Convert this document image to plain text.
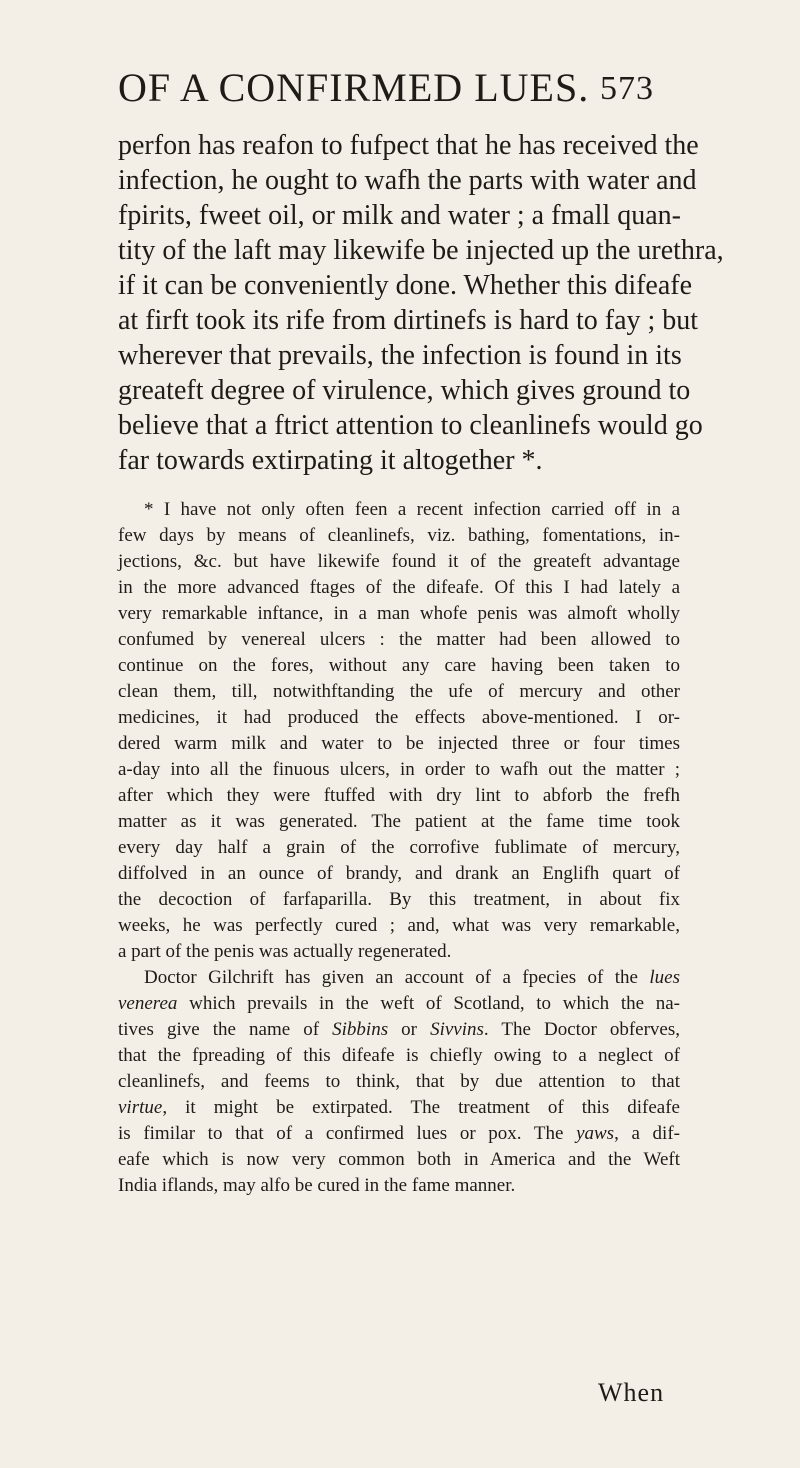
OF A CONFIRMED LUES. 573
perfon has reafon to fufpect that he has received the
infection, he ought to wafh the parts with water and
fpirits, fweet oil, or milk and water ; a fmall quan-
tity of the laft may likewife be injected up the urethra,
if it can be conveniently done. Whether this difeafe
at firft took its rife from dirtinefs is hard to fay ; but
wherever that prevails, the infection is found in its
greateft degree of virulence, which gives ground to
believe that a ftrict attention to cleanlinefs would go
far towards extirpating it altogether *.
* I have not only often feen a recent infection carried off in a
few days by means of cleanlinefs, viz. bathing, fomentations, in-
jections, &c. but have likewife found it of the greateft advantage
in the more advanced ftages of the difeafe. Of this I had lately a
very remarkable inftance, in a man whofe penis was almoft wholly
confumed by venereal ulcers : the matter had been allowed to
continue on the fores, without any care having been taken to
clean them, till, notwithftanding the ufe of mercury and other
medicines, it had produced the effects above-mentioned. I or-
dered warm milk and water to be injected three or four times
a-day into all the finuous ulcers, in order to wafh out the matter ;
after which they were ftuffed with dry lint to abforb the frefh
matter as it was generated. The patient at the fame time took
every day half a grain of the corrofive fublimate of mercury,
diffolved in an ounce of brandy, and drank an Englifh quart of
the decoction of farfaparilla. By this treatment, in about fix
weeks, he was perfectly cured ; and, what was very remarkable,
a part of the penis was actually regenerated.
Doctor Gilchrift has given an account of a fpecies of the lues
venerea which prevails in the weft of Scotland, to which the na-
tives give the name of Sibbins or Sivvins. The Doctor obferves,
that the fpreading of this difeafe is chiefly owing to a neglect of
cleanlinefs, and feems to think, that by due attention to that
virtue, it might be extirpated. The treatment of this difeafe
is fimilar to that of a confirmed lues or pox. The yaws, a dif-
eafe which is now very common both in America and the Weft
India iflands, may alfo be cured in the fame manner.
When
